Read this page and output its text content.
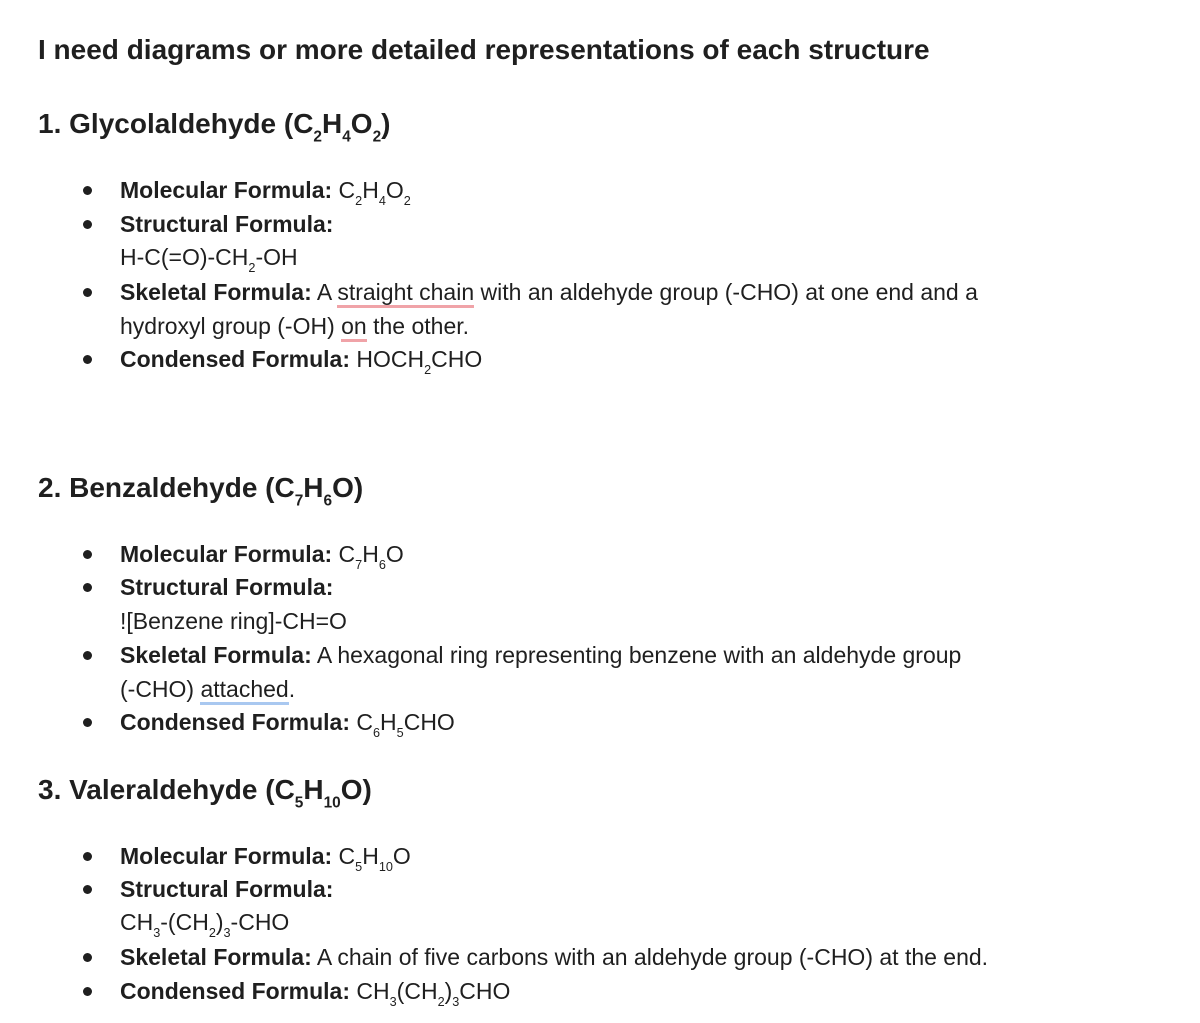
I need diagrams or more detailed representations of each structure
1. Glycolaldehyde $(C_2H_4O_2)$
Molecular Formula: $C_2H_4O_2$
Structural Formula:
$H-C(=O)-CH_2-OH$
Skeletal Formula: A straight chain with an aldehyde group (-CHO) at one end and a
hydroxyl group (-OH) on the other.
Condensed Formula: $HOCH_2CHO$
2. Benzaldehyde $(C_7H_6O)$
Molecular Formula: $C_7H_6O$
Structural Formula:
![Benzene ring]-CH=O
Skeletal Formula: A hexagonal ring representing benzene with an aldehyde group
(-CHO) attached.
Condensed Formula: $C_6H_5CHO$
3. Valeraldehyde $(C_5H_{10}O)$
Molecular Formula: $C_5H_{10}O$
Structural Formula:
$CH_3-(CH_2)_3$-CHO
Skeletal Formula: A chain of five carbons with an aldehyde group (-CHO) at the end.
Condensed Formula: $CH_3(CH_2)_3CHO$
